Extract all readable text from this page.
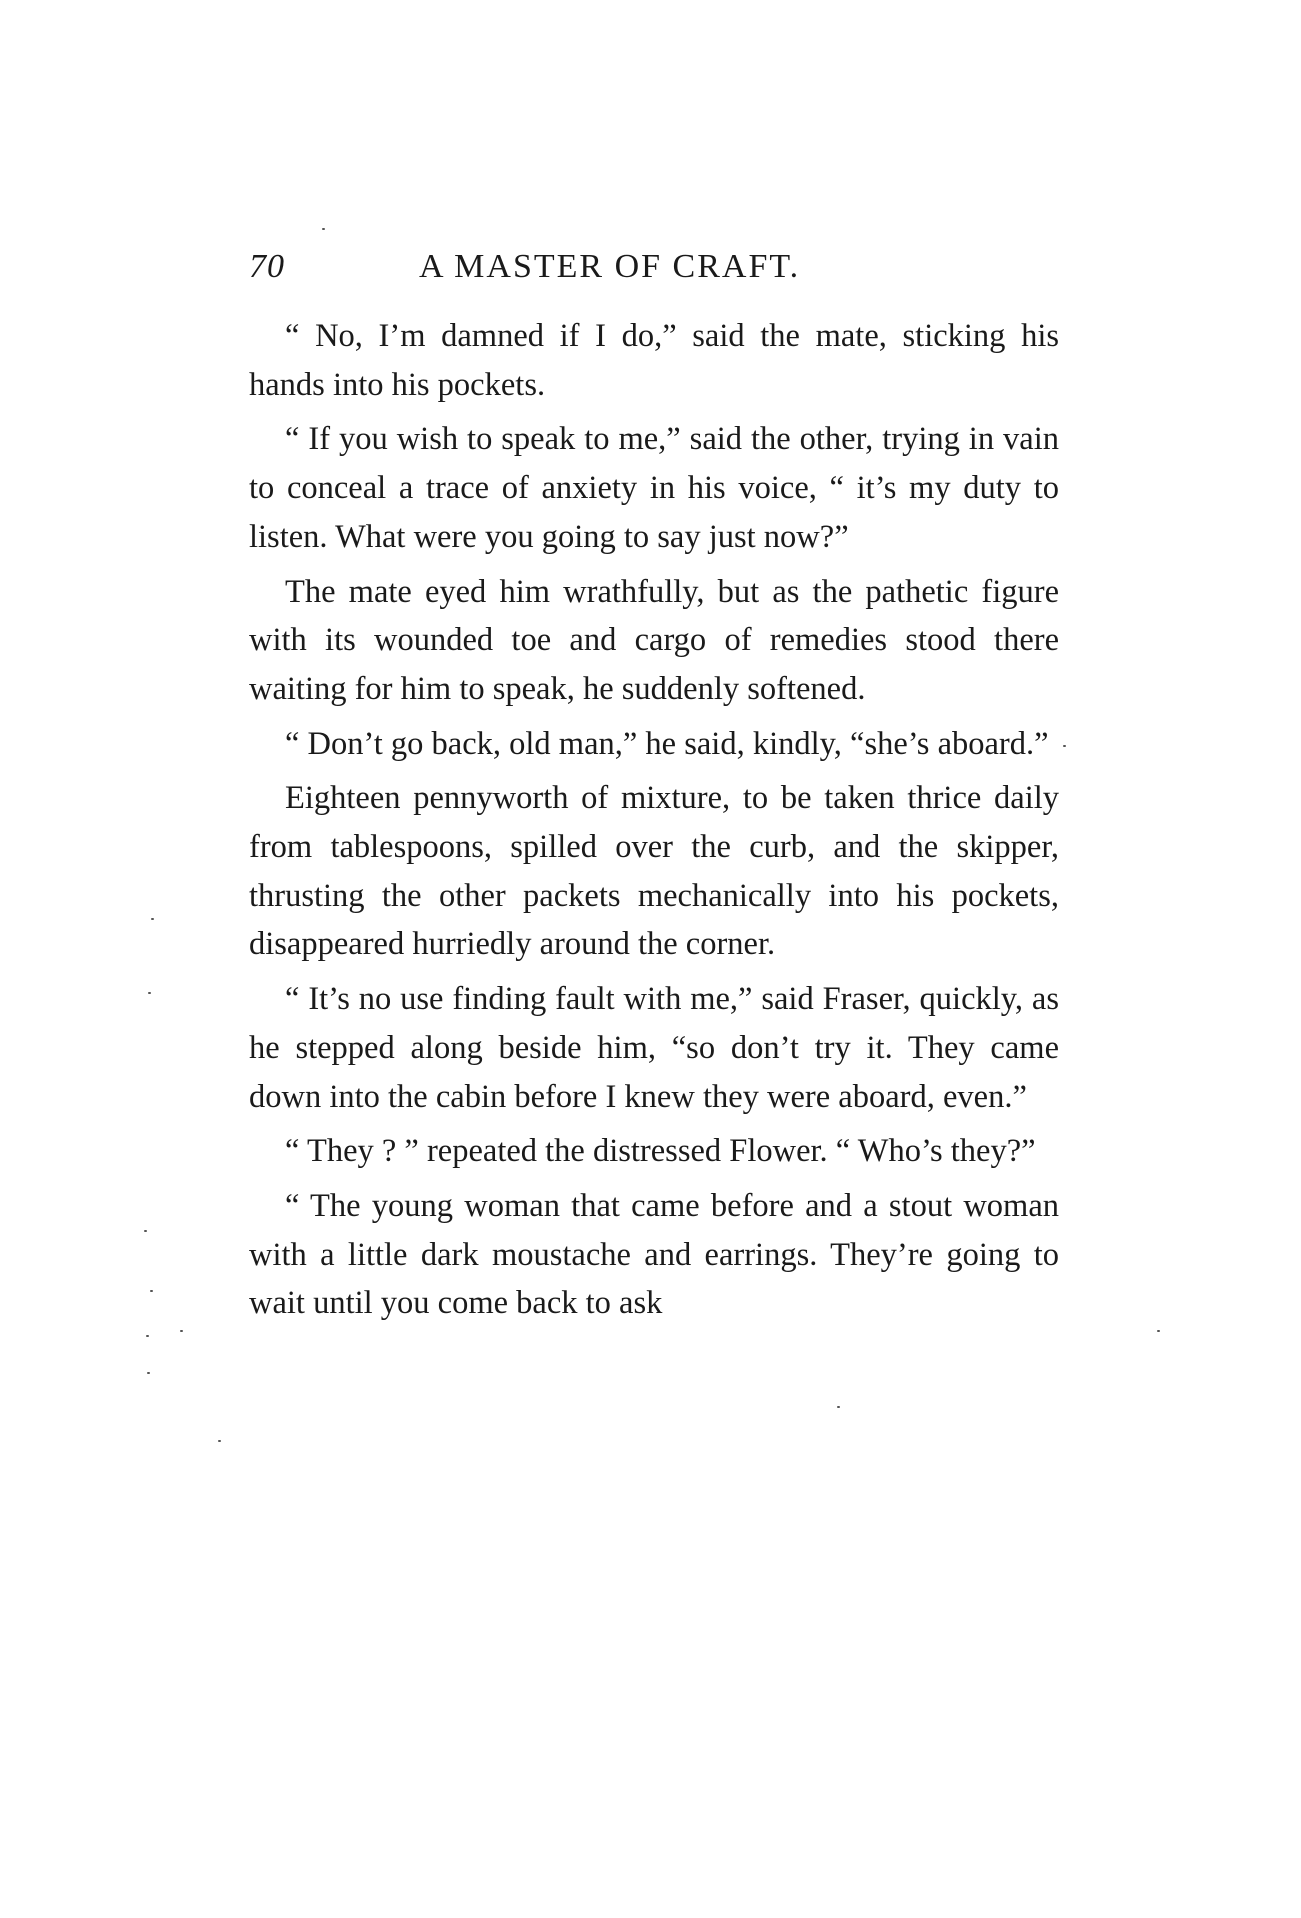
70	A MASTER OF CRAFT.

“ No, I’m damned if I do,” said the mate, sticking his hands into his pockets.

“ If you wish to speak to me,” said the other, trying in vain to conceal a trace of anxiety in his voice, “ it’s my duty to listen. What were you going to say just now?”

The mate eyed him wrathfully, but as the pathetic figure with its wounded toe and cargo of remedies stood there waiting for him to speak, he suddenly softened.

“ Don’t go back, old man,” he said, kindly, “she’s aboard.”

Eighteen pennyworth of mixture, to be taken thrice daily from tablespoons, spilled over the curb, and the skipper, thrusting the other packets mechanically into his pockets, disappeared hurriedly around the corner.

“ It’s no use finding fault with me,” said Fraser, quickly, as he stepped along beside him, “so don’t try it. They came down into the cabin before I knew they were aboard, even.”

“ They ? ” repeated the distressed Flower. “ Who’s they?”

“ The young woman that came before and a stout woman with a little dark moustache and earrings. They’re going to wait until you come back to ask
